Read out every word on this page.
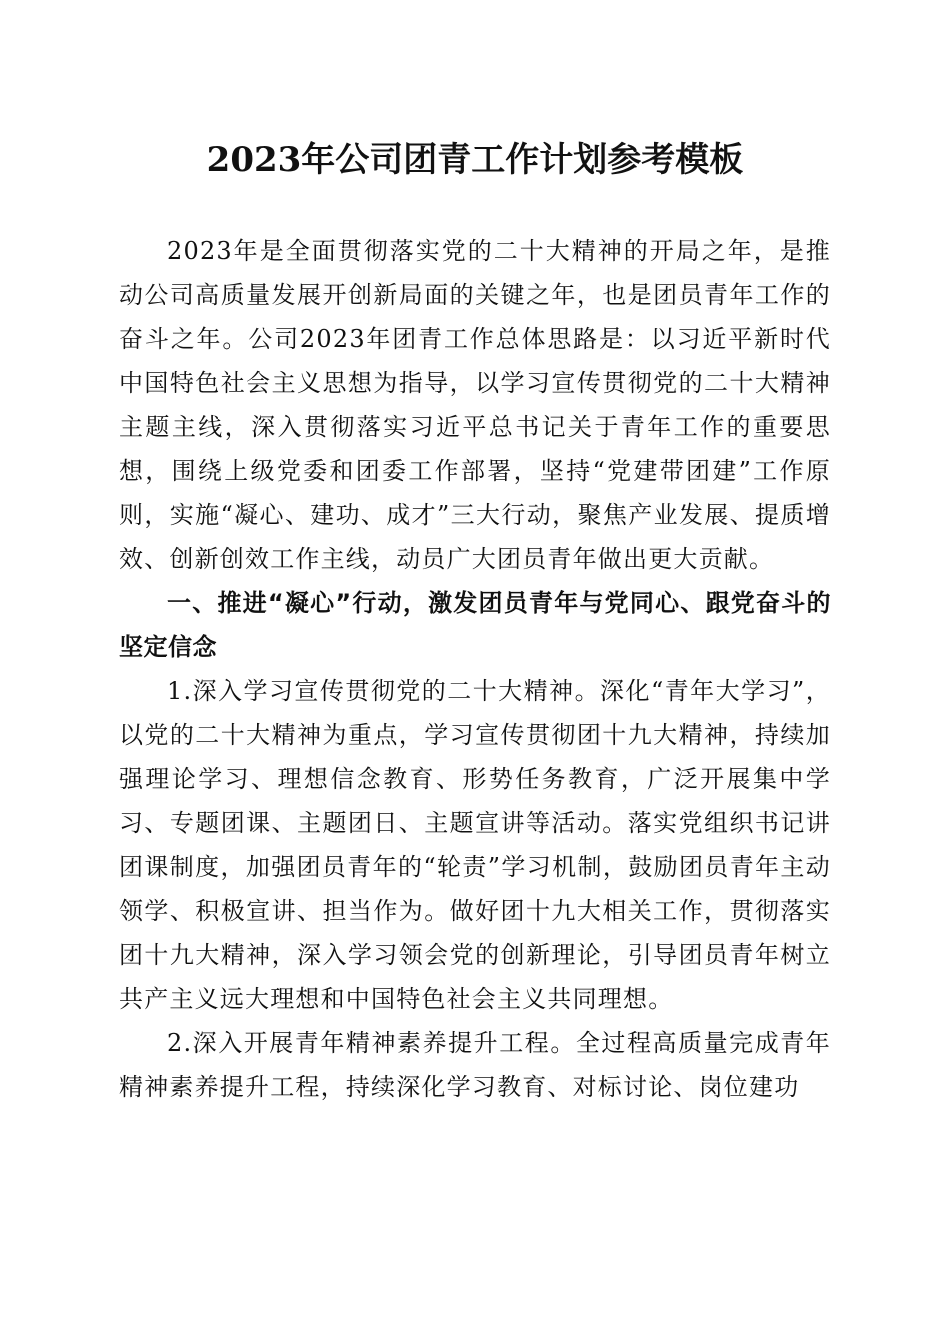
2023年公司团青工作计划参考模板

2023年是全面贯彻落实党的二十大精神的开局之年，是推动公司高质量发展开创新局面的关键之年，也是团员青年工作的奋斗之年。公司2023年团青工作总体思路是：以习近平新时代中国特色社会主义思想为指导，以学习宣传贯彻党的二十大精神主题主线，深入贯彻落实习近平总书记关于青年工作的重要思想，围绕上级党委和团委工作部署，坚持“党建带团建”工作原则，实施“凝心、建功、成才”三大行动，聚焦产业发展、提质增效、创新创效工作主线，动员广大团员青年做出更大贡献。

一、推进“凝心”行动，激发团员青年与党同心、跟党奋斗的坚定信念

1.深入学习宣传贯彻党的二十大精神。深化“青年大学习”，以党的二十大精神为重点，学习宣传贯彻团十九大精神，持续加强理论学习、理想信念教育、形势任务教育，广泛开展集中学习、专题团课、主题团日、主题宣讲等活动。落实党组织书记讲团课制度，加强团员青年的“轮责”学习机制，鼓励团员青年主动领学、积极宣讲、担当作为。做好团十九大相关工作，贯彻落实团十九大精神，深入学习领会党的创新理论，引导团员青年树立共产主义远大理想和中国特色社会主义共同理想。

2.深入开展青年精神素养提升工程。全过程高质量完成青年精神素养提升工程，持续深化学习教育、对标讨论、岗位建功
